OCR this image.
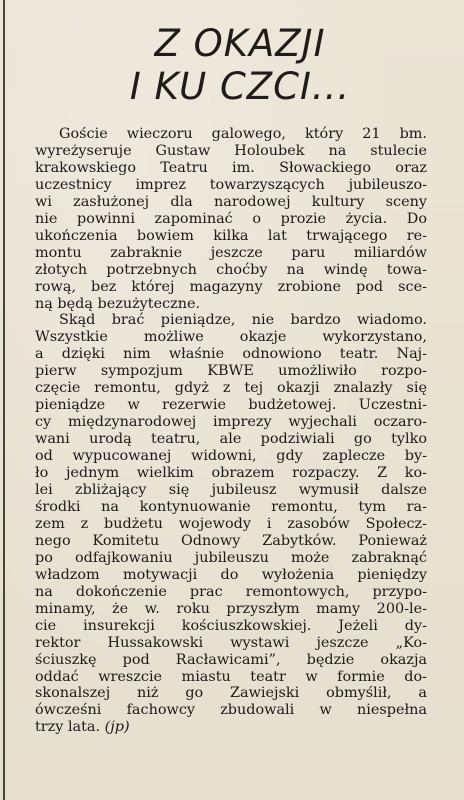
Z OKAZJI
I KU CZCI...

Goście wieczoru galowego, który 21 bm.
wyreżyseruje Gustaw Holoubek na stulecie
krakowskiego Teatru im. Słowackiego oraz
uczestnicy imprez towarzyszących jubileuszo-
wi zasłużonej dla narodowej kultury sceny
nie powinni zapominać o prozie życia. Do
ukończenia bowiem kilka lat trwającego re-
montu zabraknie jeszcze paru miliardów
złotych potrzebnych choćby na windę towa-
rową, bez której magazyny zrobione pod sce-
ną będą bezużyteczne.

Skąd brać pieniądze, nie bardzo wiadomo.
Wszystkie możliwe okazje wykorzystano,
a dzięki nim właśnie odnowiono teatr. Naj-
pierw sympozjum KBWE umożliwiło rozpo-
częcie remontu, gdyż z tej okazji znalazły się
pieniądze w rezerwie budżetowej. Uczestni-
cy międzynarodowej imprezy wyjechali oczaro-
wani urodą teatru, ale podziwiali go tylko
od wypucowanej widowni, gdy zaplecze by-
ło jednym wielkim obrazem rozpaczy. Z ko-
lei zbliżający się jubileusz wymusił dalsze
środki na kontynuowanie remontu, tym ra-
zem z budżetu wojewody i zasobów Społecz-
nego Komitetu Odnowy Zabytków. Ponieważ
po odfajkowaniu jubileuszu może zabraknąć
władzom motywacji do wyłożenia pieniędzy
na dokończenie prac remontowych, przypo-
minamy, że w. roku przyszłym mamy 200-le-
cie insurekcji kościuszkowskiej. Jeżeli dy-
rektor Hussakowski wystawi jeszcze „Ko-
ściuszkę pod Racławicami”, będzie okazja
oddać wreszcie miastu teatr w formie do-
skonalszej niż go Zawiejski obmyślił, a
ówcześni fachowcy zbudowali w niespełna
trzy lata. (jp)
